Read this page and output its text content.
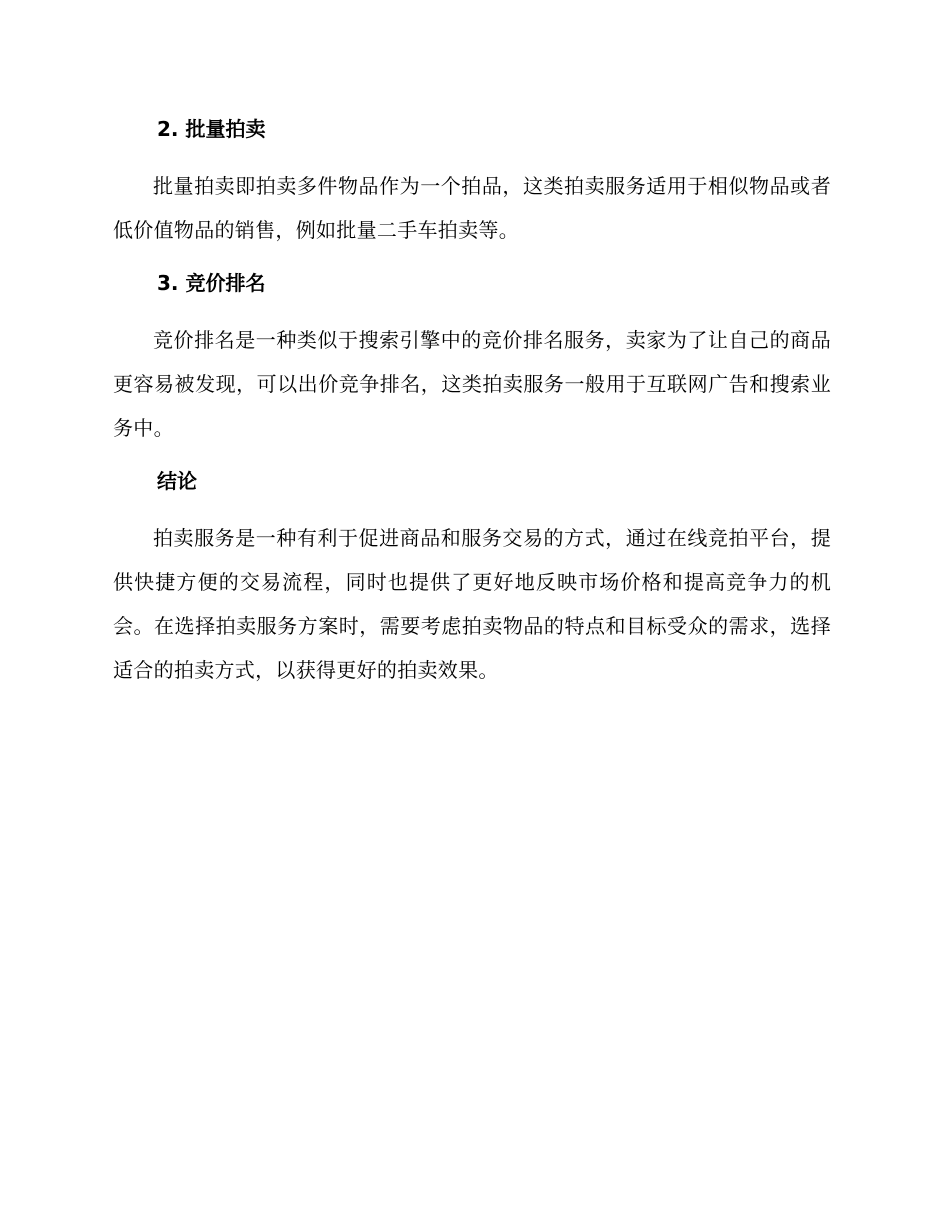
2. 批量拍卖

批量拍卖即拍卖多件物品作为一个拍品，这类拍卖服务适用于相似物品或者低价值物品的销售，例如批量二手车拍卖等。

3. 竞价排名

竞价排名是一种类似于搜索引擎中的竞价排名服务，卖家为了让自己的商品更容易被发现，可以出价竞争排名，这类拍卖服务一般用于互联网广告和搜索业务中。

结论

拍卖服务是一种有利于促进商品和服务交易的方式，通过在线竞拍平台，提供快捷方便的交易流程，同时也提供了更好地反映市场价格和提高竞争力的机会。在选择拍卖服务方案时，需要考虑拍卖物品的特点和目标受众的需求，选择适合的拍卖方式，以获得更好的拍卖效果。
